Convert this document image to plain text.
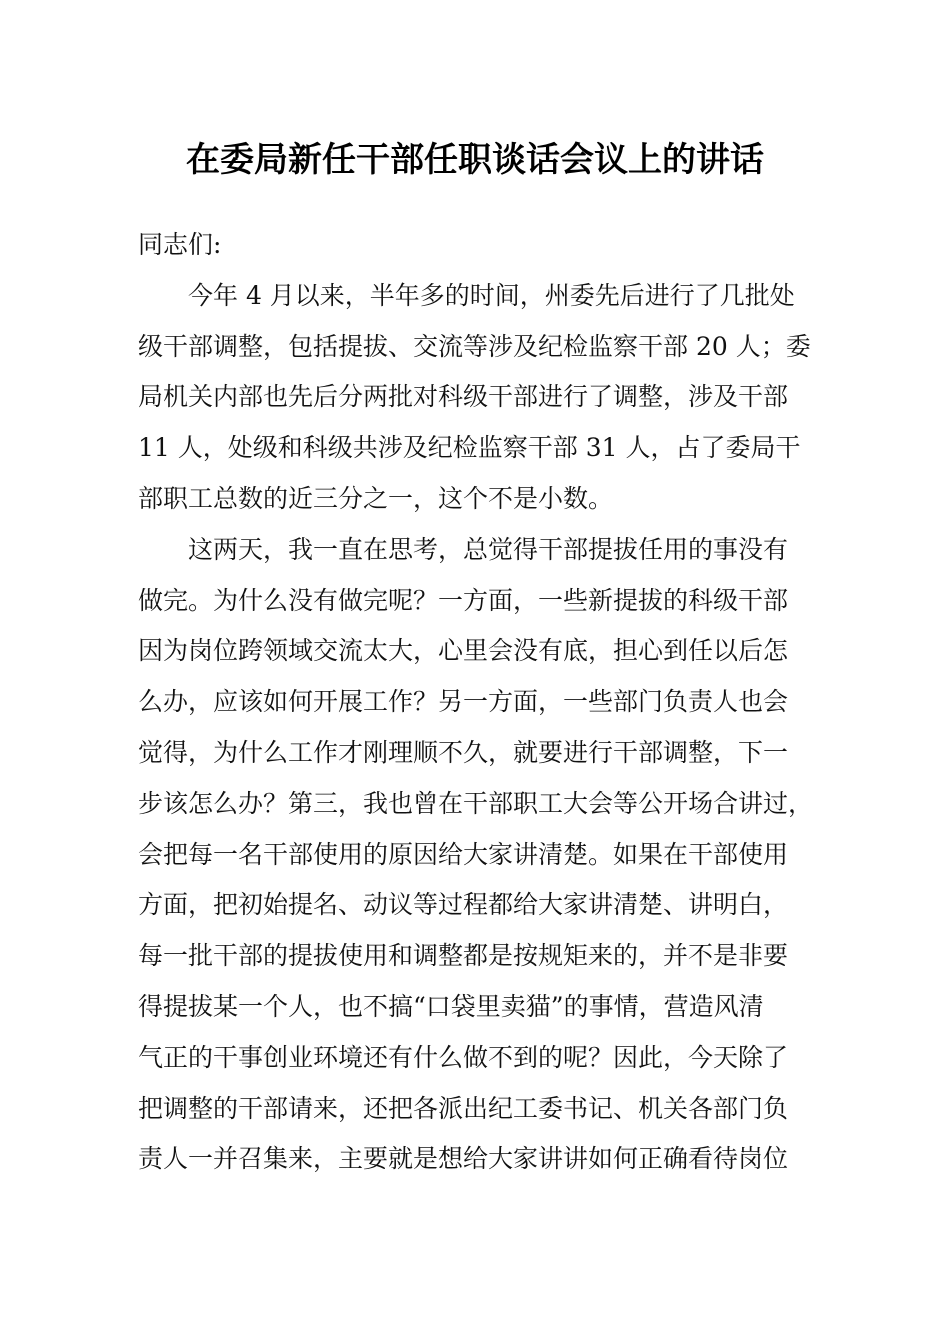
在委局新任干部任职谈话会议上的讲话
同志们:
今年 4 月以来，半年多的时间，州委先后进行了几批处
级干部调整，包括提拔、交流等涉及纪检监察干部 20 人；委
局机关内部也先后分两批对科级干部进行了调整，涉及干部
11 人，处级和科级共涉及纪检监察干部 31 人，占了委局干
部职工总数的近三分之一，这个不是小数。
这两天，我一直在思考，总觉得干部提拔任用的事没有
做完。为什么没有做完呢？一方面，一些新提拔的科级干部
因为岗位跨领域交流太大，心里会没有底，担心到任以后怎
么办，应该如何开展工作？另一方面，一些部门负责人也会
觉得，为什么工作才刚理顺不久，就要进行干部调整，下一
步该怎么办？第三，我也曾在干部职工大会等公开场合讲过，
会把每一名干部使用的原因给大家讲清楚。如果在干部使用
方面，把初始提名、动议等过程都给大家讲清楚、讲明白，
每一批干部的提拔使用和调整都是按规矩来的，并不是非要
得提拔某一个人，也不搞“口袋里卖猫”的事情，营造风清
气正的干事创业环境还有什么做不到的呢？因此，今天除了
把调整的干部请来，还把各派出纪工委书记、机关各部门负
责人一并召集来，主要就是想给大家讲讲如何正确看待岗位
